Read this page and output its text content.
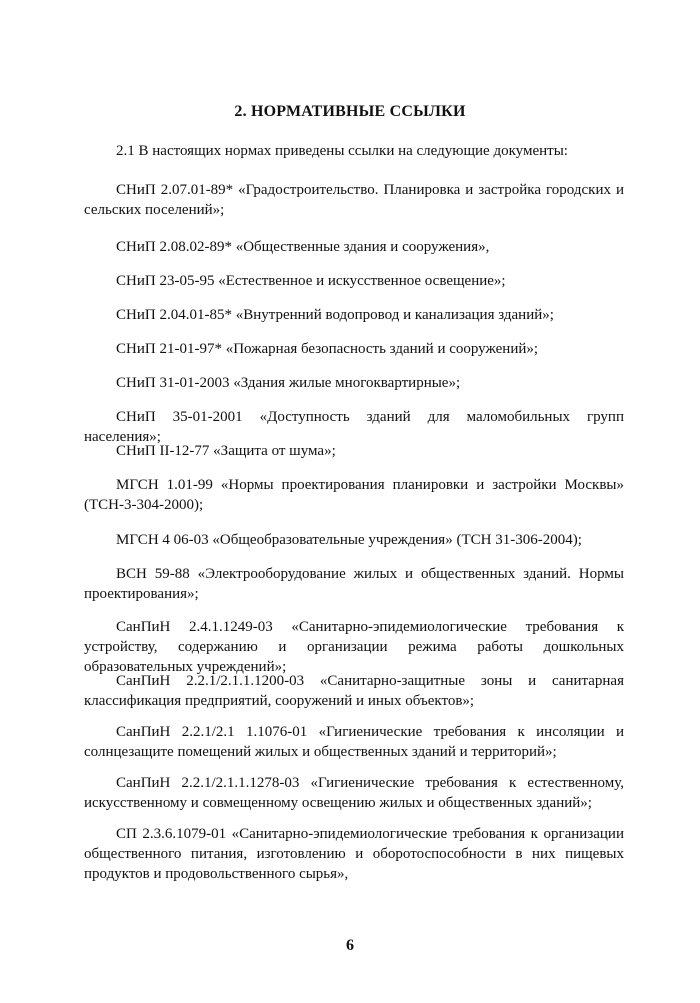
2. НОРМАТИВНЫЕ ССЫЛКИ

2.1 В настоящих нормах приведены ссылки на следующие документы:

СНиП 2.07.01-89* «Градостроительство. Планировка и застройка городских и сельских поселений»;

СНиП 2.08.02-89* «Общественные здания и сооружения»,

СНиП 23-05-95 «Естественное и искусственное освещение»;

СНиП 2.04.01-85* «Внутренний водопровод и канализация зданий»;

СНиП 21-01-97* «Пожарная безопасность зданий и сооружений»;

СНиП 31-01-2003 «Здания жилые многоквартирные»;

СНиП 35-01-2001 «Доступность зданий для маломобильных групп населения»;

СНиП II-12-77 «Защита от шума»;

МГСН 1.01-99 «Нормы проектирования планировки и застройки Москвы» (ТСН-3-304-2000);

МГСН 4 06-03 «Общеобразовательные учреждения» (ТСН 31-306-2004);

ВСН 59-88 «Электрооборудование жилых и общественных зданий. Нормы проектирования»;

СанПиН 2.4.1.1249-03 «Санитарно-эпидемиологические требования к устройству, содержанию и организации режима работы дошкольных образовательных учреждений»;

СанПиН 2.2.1/2.1.1.1200-03 «Санитарно-защитные зоны и санитарная классификация предприятий, сооружений и иных объектов»;

СанПиН 2.2.1/2.1 1.1076-01 «Гигиенические требования к инсоляции и солнцезащите помещений жилых и общественных зданий и территорий»;

СанПиН 2.2.1/2.1.1.1278-03 «Гигиенические требования к естественному, искусственному и совмещенному освещению жилых и общественных зданий»;

СП 2.3.6.1079-01 «Санитарно-эпидемиологические требования к организации общественного питания, изготовлению и оборотоспособности в них пищевых продуктов и продовольственного сырья»,

6
